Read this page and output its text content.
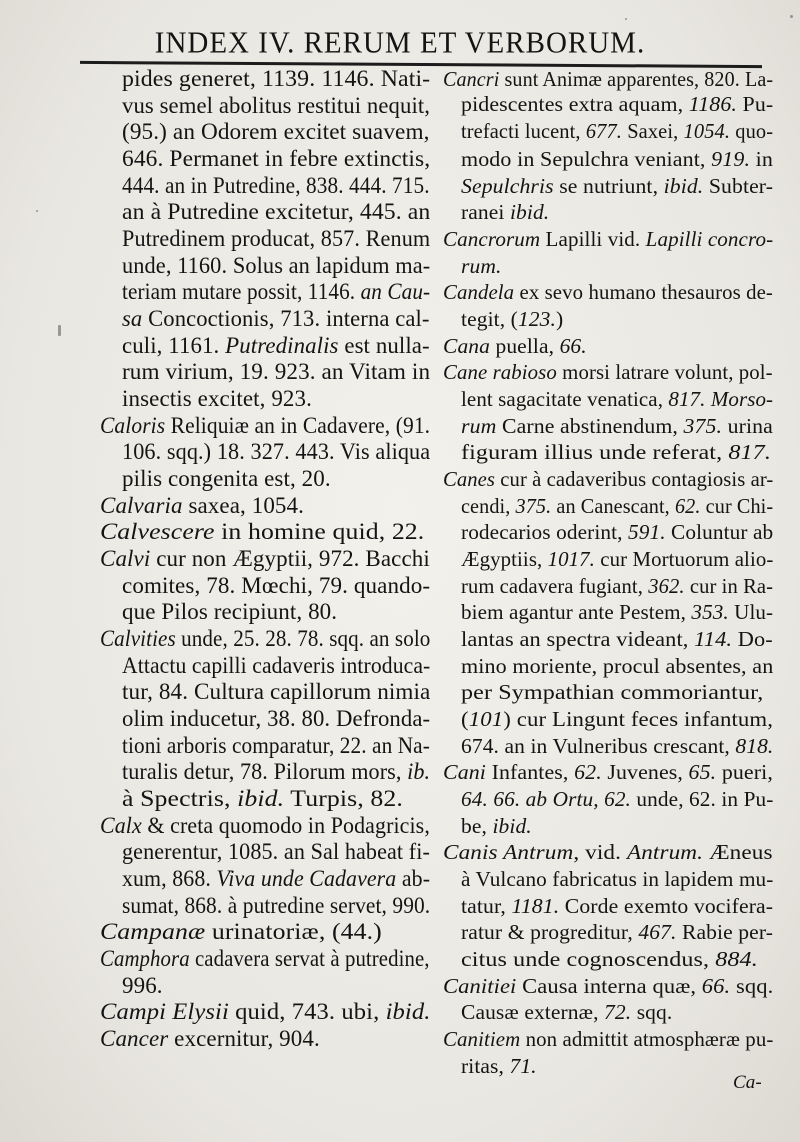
INDEX IV. RERUM ET VERBORUM.
pides generet, 1139. 1146. Nati-
vus semel abolitus restitui nequit,
(95.) an Odorem excitet suavem,
646. Permanet in febre extinctis,
444. an in Putredine, 838. 444. 715.
an à Putredine excitetur, 445. an
Putredinem producat, 857. Renum
unde, 1160. Solus an lapidum ma-
teriam mutare possit, 1146. an Cau-
sa Concoctionis, 713. interna cal-
culi, 1161. Putredinalis est nulla-
rum virium, 19. 923. an Vitam in
insectis excitet, 923.
Caloris Reliquiæ an in Cadavere, (91.
106. sqq.) 18. 327. 443. Vis aliqua
pilis congenita est, 20.
Calvaria saxea, 1054.
Calvescere in homine quid, 22.
Calvi cur non Ægyptii, 972. Bacchi
comites, 78. Mœchi, 79. quando-
que Pilos recipiunt, 80.
Calvities unde, 25. 28. 78. sqq. an solo
Attactu capilli cadaveris introduca-
tur, 84. Cultura capillorum nimia
olim inducetur, 38. 80. Defronda-
tioni arboris comparatur, 22. an Na-
turalis detur, 78. Pilorum mors, ib.
à Spectris, ibid. Turpis, 82.
Calx & creta quomodo in Podagricis,
generentur, 1085. an Sal habeat fi-
xum, 868. Viva unde Cadavera ab-
sumat, 868. à putredine servet, 990.
Campanæ urinatoriæ, (44.)
Camphora cadavera servat à putredine,
996.
Campi Elysii quid, 743. ubi, ibid.
Cancer excernitur, 904.
Cancri sunt Animæ apparentes, 820. La-
pidescentes extra aquam, 1186. Pu-
trefacti lucent, 677. Saxei, 1054. quo-
modo in Sepulchra veniant, 919. in
Sepulchris se nutriunt, ibid. Subter-
ranei ibid.
Cancrorum Lapilli vid. Lapilli concro-
rum.
Candela ex sevo humano thesauros de-
tegit, (123.)
Cana puella, 66.
Cane rabioso morsi latrare volunt, pol-
lent sagacitate venatica, 817. Morso-
rum Carne abstinendum, 375. urina
figuram illius unde referat, 817.
Canes cur à cadaveribus contagiosis ar-
cendi, 375. an Canescant, 62. cur Chi-
rodecarios oderint, 591. Coluntur ab
Ægyptiis, 1017. cur Mortuorum alio-
rum cadavera fugiant, 362. cur in Ra-
biem agantur ante Pestem, 353. Ulu-
lantas an spectra videant, 114. Do-
mino moriente, procul absentes, an
per Sympathian commoriantur,
(101) cur Lingunt feces infantum,
674. an in Vulneribus crescant, 818.
Cani Infantes, 62. Juvenes, 65. pueri,
64. 66. ab Ortu, 62. unde, 62. in Pu-
be, ibid.
Canis Antrum, vid. Antrum. Æneus
à Vulcano fabricatus in lapidem mu-
tatur, 1181. Corde exemto vocifera-
ratur & progreditur, 467. Rabie per-
citus unde cognoscendus, 884.
Canitiei Causa interna quæ, 66. sqq.
Causæ externæ, 72. sqq.
Canitiem non admittit atmosphæræ pu-
ritas, 71.
Ca-
